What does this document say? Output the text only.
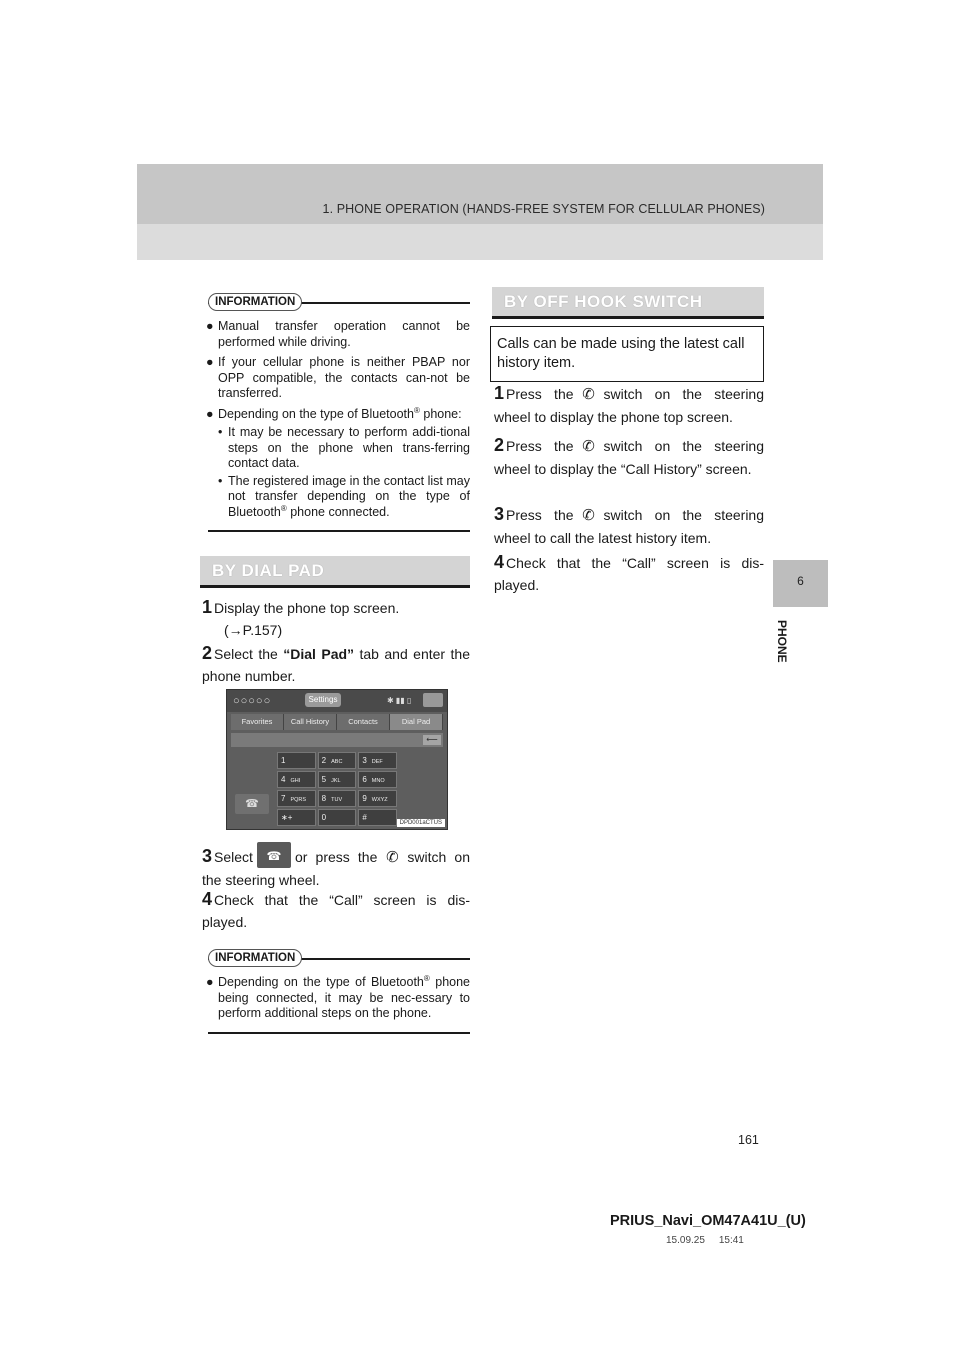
1. PHONE OPERATION (HANDS-FREE SYSTEM FOR CELLULAR PHONES)
6
PHONE
INFORMATION
● Manual transfer operation cannot be performed while driving.
● If your cellular phone is neither PBAP nor OPP compatible, the contacts can-not be transferred.
● Depending on the type of Bluetooth® phone:
• It may be necessary to perform addi-tional steps on the phone when trans-ferring contact data.
• The registered image in the contact list may not transfer depending on the type of Bluetooth® phone connected.
BY DIAL PAD
1 Display the phone top screen.
(→P.157)
2 Select the “Dial Pad” tab and enter the phone number.
○○○○○	Settings	✱ ▮▮ ▯
Favorites	Call History	Contacts	Dial Pad
⟵
1	2 ABC	3 DEF
4 GHI	5 JKL	6 MNO
7 PQRS	8 TUV	9 WXYZ
∗+	0	#
☎
DPD001aCTUS
3 Select	☎ or press the ✆ switch on the steering wheel.
4 Check that the “Call” screen is dis-played.
INFORMATION
● Depending on the type of Bluetooth® phone being connected, it may be nec-essary to perform additional steps on the phone.
BY OFF HOOK SWITCH
Calls can be made using the latest call history item.
1 Press the ✆ switch on the steering wheel to display the phone top screen.
2 Press the ✆ switch on the steering wheel to display the “Call History” screen.
3 Press the ✆ switch on the steering wheel to call the latest history item.
4 Check that the “Call” screen is dis-played.
161
PRIUS_Navi_OM47A41U_(U)
15.09.25     15:41
